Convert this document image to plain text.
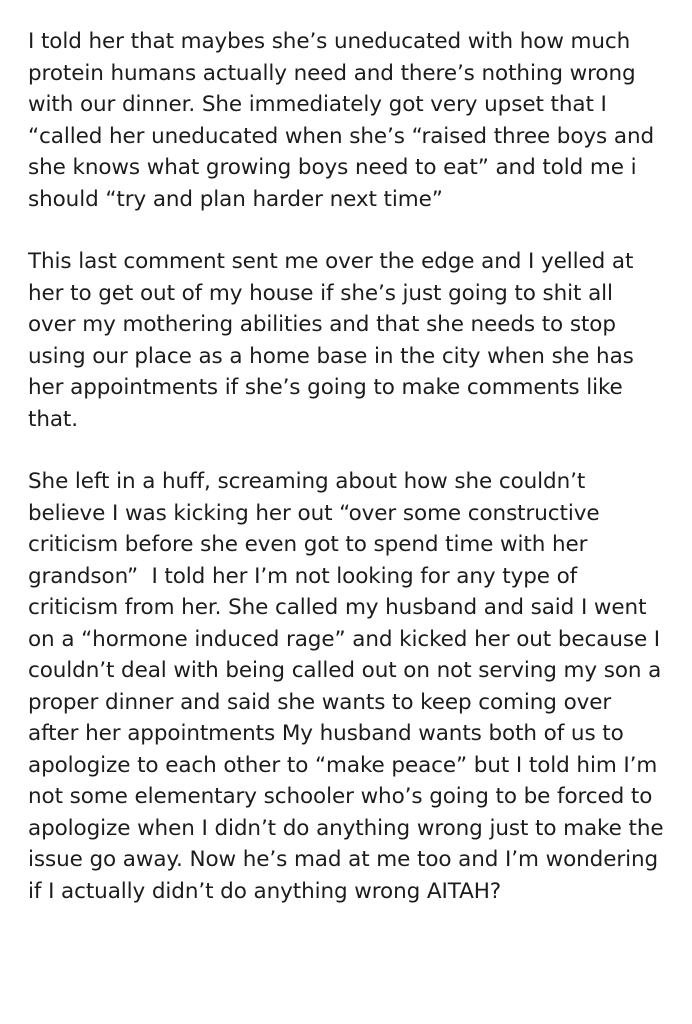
I told her that maybes she’s uneducated with how much protein humans actually need and there’s nothing wrong with our dinner. She immediately got very upset that I “called her uneducated when she’s “raised three boys and she knows what growing boys need to eat” and told me i should “try and plan harder next time”

This last comment sent me over the edge and I yelled at her to get out of my house if she’s just going to shit all over my mothering abilities and that she needs to stop using our place as a home base in the city when she has her appointments if she’s going to make comments like that.

She left in a huff, screaming about how she couldn’t believe I was kicking her out “over some constructive criticism before she even got to spend time with her grandson”  I told her I’m not looking for any type of criticism from her. She called my husband and said I went on a “hormone induced rage” and kicked her out because I couldn’t deal with being called out on not serving my son a proper dinner and said she wants to keep coming over after her appointments My husband wants both of us to apologize to each other to “make peace” but I told him I’m not some elementary schooler who’s going to be forced to apologize when I didn’t do anything wrong just to make the issue go away. Now he’s mad at me too and I’m wondering if I actually didn’t do anything wrong AITAH?
